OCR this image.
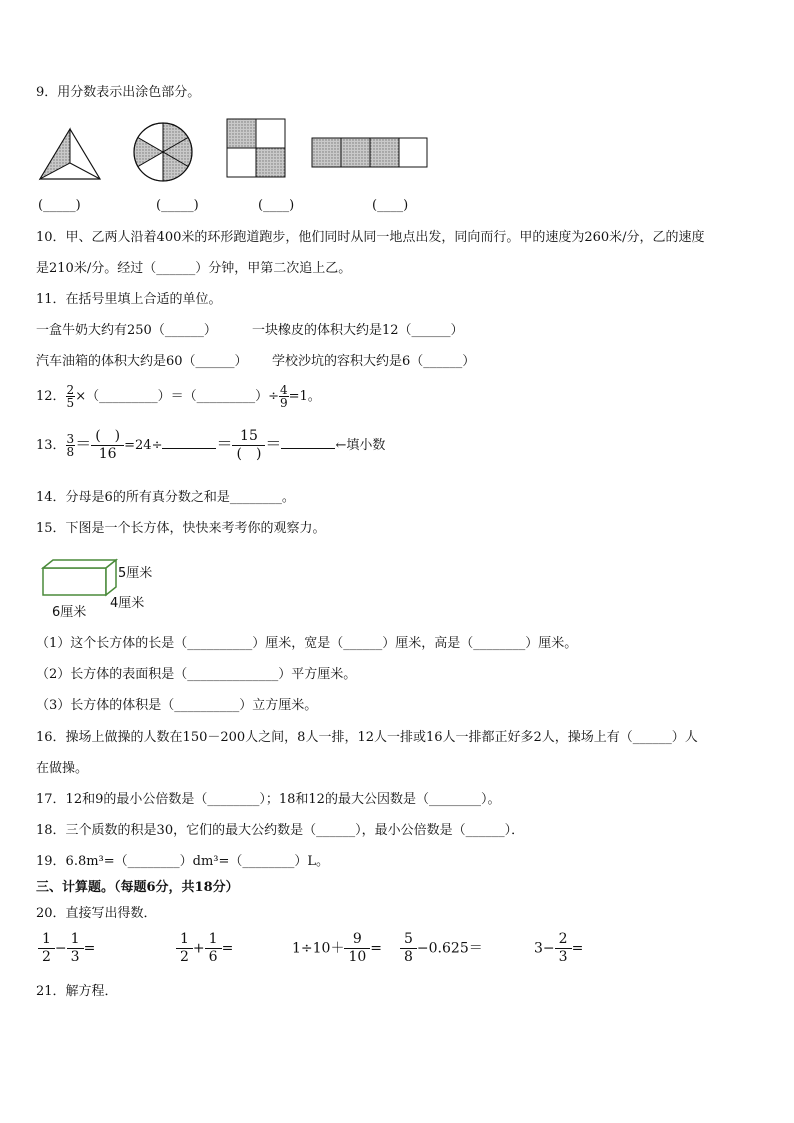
9．用分数表示出涂色部分。
(_____)	(_____)	(____)	(____)
10．甲、乙两人沿着400米的环形跑道跑步，他们同时从同一地点出发，同向而行。甲的速度为260米/分，乙的速度
是210米/分。经过（______）分钟，甲第二次追上乙。
11．在括号里填上合适的单位。
一盒牛奶大约有250（______）	一块橡皮的体积大约是12（______）
汽车油箱的体积大约是60（______） 学校沙坑的容积大约是6（______）
12． $\frac{2}{5}$ ×（_________）＝（_________）÷ $\frac{4}{9} =1$。
13． $\frac{3}{8} = \frac{( )}{16} =24\div$	＝ $\frac{15}{( )}$ ＝	←填小数
14．分母是6的所有真分数之和是________。
15．下图是一个长方体，快快来考考你的观察力。
5厘米
4厘米
6厘米
（1）这个长方体的长是（__________）厘米，宽是（______）厘米，高是（________）厘米。
（2）长方体的表面积是（______________）平方厘米。
（3）长方体的体积是（__________）立方厘米。
16．操场上做操的人数在150－200人之间，8人一排，12人一排或16人一排都正好多2人，操场上有（______）人
在做操。
17．12和9的最小公倍数是（________）；18和12的最大公因数是（________）。
18．三个质数的积是30，它们的最大公约数是（______），最小公倍数是（______）．
19．6.8m³=（________）dm³=（________）L。
三、计算题。（每题6分，共18分）
20．直接写出得数．
$\frac{1}{2} - \frac{1}{3}$ =	$\frac{1}{2} + \frac{1}{6}$ =	$1\div 10+ \frac{9}{10} = \frac{5}{8} -0.625=$	$3- \frac{2}{3}$ =
21．解方程．
